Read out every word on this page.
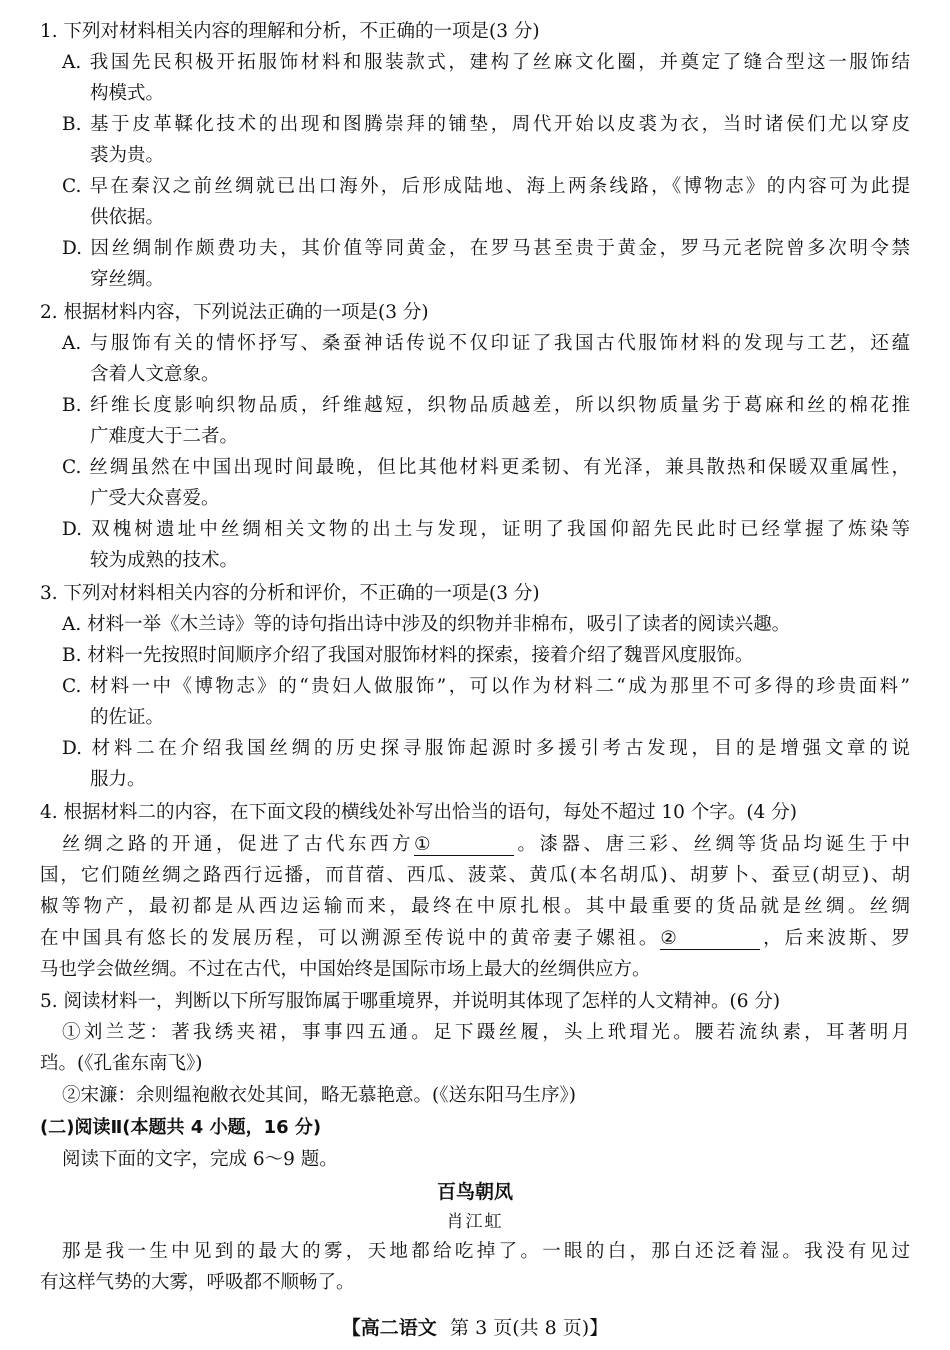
1. 下列对材料相关内容的理解和分析，不正确的一项是(3 分)
A. 我国先民积极开拓服饰材料和服装款式，建构了丝麻文化圈，并奠定了缝合型这一服饰结
构模式。
B. 基于皮革鞣化技术的出现和图腾崇拜的铺垫，周代开始以皮裘为衣，当时诸侯们尤以穿皮
裘为贵。
C. 早在秦汉之前丝绸就已出口海外，后形成陆地、海上两条线路，《博物志》的内容可为此提
供依据。
D. 因丝绸制作颇费功夫，其价值等同黄金，在罗马甚至贵于黄金，罗马元老院曾多次明令禁
穿丝绸。
2. 根据材料内容，下列说法正确的一项是(3 分)
A. 与服饰有关的情怀抒写、桑蚕神话传说不仅印证了我国古代服饰材料的发现与工艺，还蕴
含着人文意象。
B. 纤维长度影响织物品质，纤维越短，织物品质越差，所以织物质量劣于葛麻和丝的棉花推
广难度大于二者。
C. 丝绸虽然在中国出现时间最晚，但比其他材料更柔韧、有光泽，兼具散热和保暖双重属性，
广受大众喜爱。
D. 双槐树遗址中丝绸相关文物的出土与发现，证明了我国仰韶先民此时已经掌握了炼染等
较为成熟的技术。
3. 下列对材料相关内容的分析和评价，不正确的一项是(3 分)
A. 材料一举《木兰诗》等的诗句指出诗中涉及的织物并非棉布，吸引了读者的阅读兴趣。
B. 材料一先按照时间顺序介绍了我国对服饰材料的探索，接着介绍了魏晋风度服饰。
C. 材料一中《博物志》的“贵妇人做服饰”，可以作为材料二“成为那里不可多得的珍贵面料”
的佐证。
D. 材料二在介绍我国丝绸的历史探寻服饰起源时多援引考古发现，目的是增强文章的说
服力。
4. 根据材料二的内容，在下面文段的横线处补写出恰当的语句，每处不超过 10 个字。(4 分)
丝绸之路的开通，促进了古代东西方①	。漆器、唐三彩、丝绸等货品均诞生于中
国，它们随丝绸之路西行远播，而苜蓿、西瓜、菠菜、黄瓜(本名胡瓜)、胡萝卜、蚕豆(胡豆)、胡
椒等物产，最初都是从西边运输而来，最终在中原扎根。其中最重要的货品就是丝绸。丝绸
在中国具有悠长的发展历程，可以溯源至传说中的黄帝妻子嫘祖。②	，后来波斯、罗
马也学会做丝绸。不过在古代，中国始终是国际市场上最大的丝绸供应方。
5. 阅读材料一，判断以下所写服饰属于哪重境界，并说明其体现了怎样的人文精神。(6 分)
①刘兰芝：著我绣夹裙，事事四五通。足下蹑丝履，头上玳瑁光。腰若流纨素，耳著明月
珰。(《孔雀东南飞》)
②宋濂：余则缊袍敝衣处其间，略无慕艳意。(《送东阳马生序》)
(二)阅读Ⅱ(本题共 4 小题，16 分)
阅读下面的文字，完成 6～9 题。
百鸟朝凤
肖江虹
那是我一生中见到的最大的雾，天地都给吃掉了。一眼的白，那白还泛着湿。我没有见过
有这样气势的大雾，呼吸都不顺畅了。
【高二语文 第 3 页(共 8 页)】
